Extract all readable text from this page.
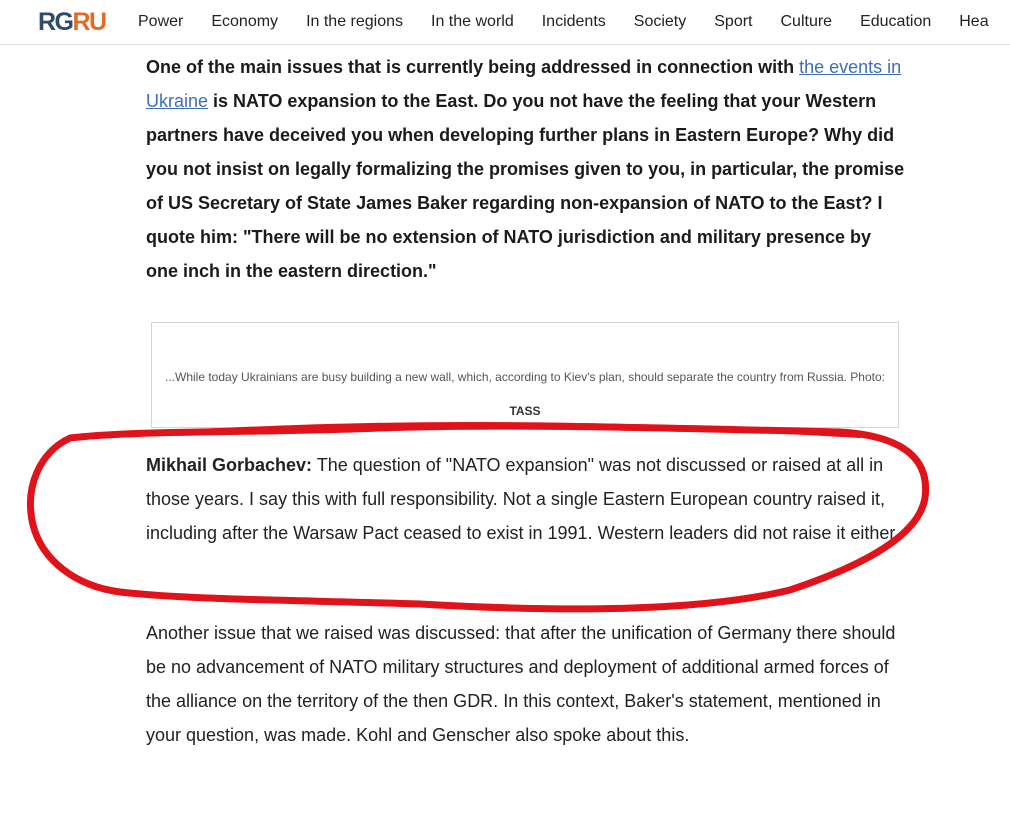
RGRU Power Economy In the regions In the world Incidents Society Sport Culture Education Hea

One of the main issues that is currently being addressed in connection with the events in Ukraine is NATO expansion to the East. Do you not have the feeling that your Western partners have deceived you when developing further plans in Eastern Europe? Why did you not insist on legally formalizing the promises given to you, in particular, the promise of US Secretary of State James Baker regarding non-expansion of NATO to the East? I quote him: "There will be no extension of NATO jurisdiction and military presence by one inch in the eastern direction."

...While today Ukrainians are busy building a new wall, which, according to Kiev's plan, should separate the country from Russia. Photo: TASS

Mikhail Gorbachev: The question of "NATO expansion" was not discussed or raised at all in those years. I say this with full responsibility. Not a single Eastern European country raised it, including after the Warsaw Pact ceased to exist in 1991. Western leaders did not raise it either.

Another issue that we raised was discussed: that after the unification of Germany there should be no advancement of NATO military structures and deployment of additional armed forces of the alliance on the territory of the then GDR. In this context, Baker's statement, mentioned in your question, was made. Kohl and Genscher also spoke about this.
